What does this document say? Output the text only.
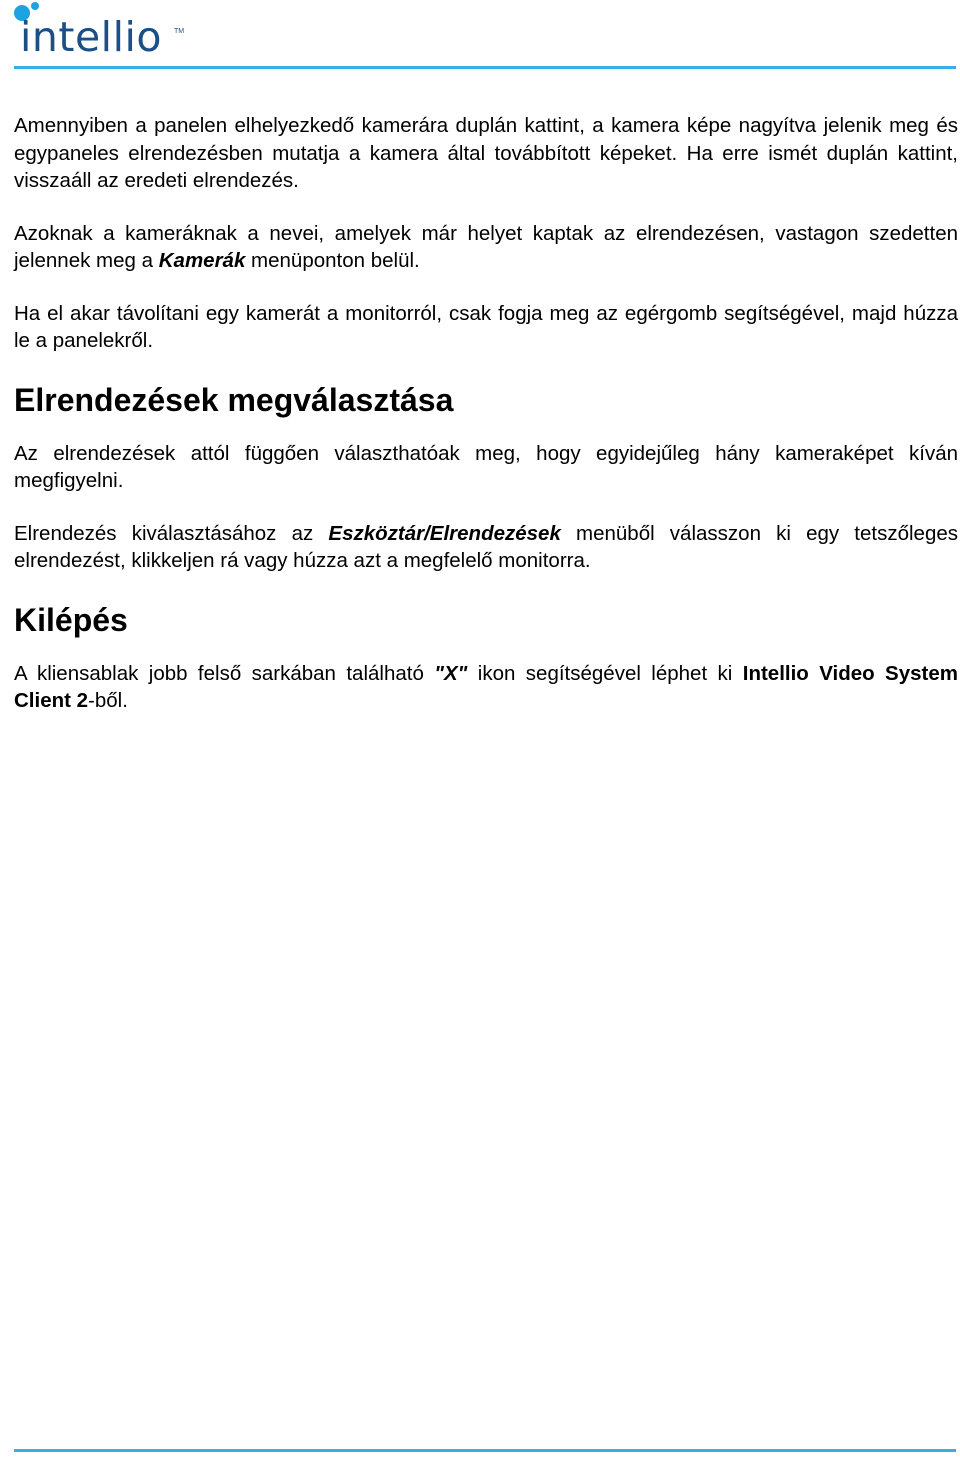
intellio TM

Amennyiben a panelen elhelyezkedő kamerára duplán kattint, a kamera képe nagyítva jelenik meg és egypaneles elrendezésben mutatja a kamera által továbbított képeket. Ha erre ismét duplán kattint, visszaáll az eredeti elrendezés.

Azoknak a kameráknak a nevei, amelyek már helyet kaptak az elrendezésen, vastagon szedetten jelennek meg a Kamerák menüponton belül.

Ha el akar távolítani egy kamerát a monitorról, csak fogja meg az egérgomb segítségével, majd húzza le a panelekről.

Elrendezések megválasztása

Az elrendezések attól függően választhatóak meg, hogy egyidejűleg hány kameraképet kíván megfigyelni.

Elrendezés kiválasztásához az Eszköztár/Elrendezések menüből válasszon ki egy tetszőleges elrendezést, klikkeljen rá vagy húzza azt a megfelelő monitorra.

Kilépés

A kliensablak jobb felső sarkában található "X" ikon segítségével léphet ki Intellio Video System Client 2-ből.
